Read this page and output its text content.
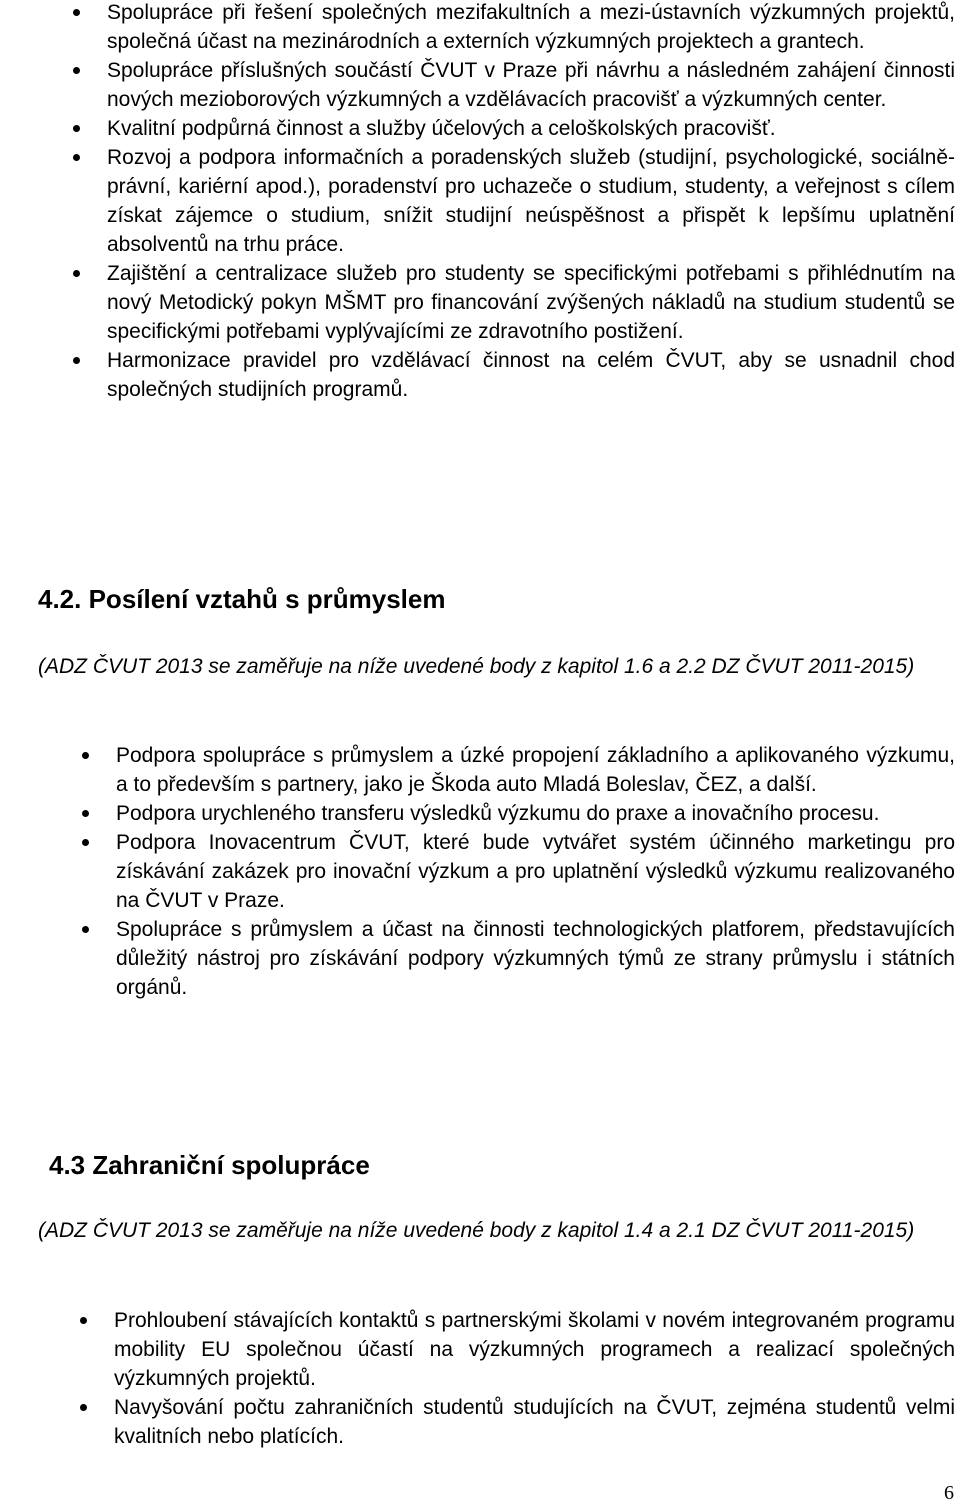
Spolupráce při řešení společných mezifakultních a mezi-ústavních výzkumných projektů, společná účast na mezinárodních a externích výzkumných projektech a grantech.
Spolupráce příslušných součástí ČVUT v Praze při návrhu a následném zahájení činnosti nových mezioborových výzkumných a vzdělávacích pracovišť a výzkumných center.
Kvalitní podpůrná činnost a služby účelových a celoškolských pracovišť.
Rozvoj a podpora informačních a poradenských služeb (studijní, psychologické, sociálně-právní, kariérní apod.), poradenství pro uchazeče o studium, studenty, a veřejnost s cílem získat zájemce o studium, snížit studijní neúspěšnost a přispět k lepšímu uplatnění absolventů na trhu práce.
Zajištění a centralizace služeb pro studenty se specifickými potřebami s přihlédnutím na nový Metodický pokyn MŠMT pro financování zvýšených nákladů na studium studentů se specifickými potřebami vyplývajícími ze zdravotního postižení.
Harmonizace pravidel pro vzdělávací činnost na celém ČVUT, aby se usnadnil chod společných studijních programů.
4.2. Posílení vztahů s průmyslem
(ADZ ČVUT 2013 se zaměřuje na níže uvedené body z kapitol 1.6 a 2.2 DZ ČVUT 2011-2015)
Podpora spolupráce s průmyslem a úzké propojení základního a aplikovaného výzkumu, a to především s partnery, jako je Škoda auto Mladá Boleslav, ČEZ, a další.
Podpora urychleného transferu výsledků výzkumu do praxe a inovačního procesu.
Podpora Inovacentrum ČVUT, které bude vytvářet systém účinného marketingu pro získávání zakázek pro inovační výzkum a pro uplatnění výsledků výzkumu realizovaného na ČVUT v Praze.
Spolupráce s průmyslem a účast na činnosti technologických platforem, představujících důležitý nástroj pro získávání podpory výzkumných týmů ze strany průmyslu i státních orgánů.
4.3 Zahraniční spolupráce
(ADZ ČVUT 2013 se zaměřuje na níže uvedené body z kapitol 1.4 a 2.1 DZ ČVUT 2011-2015)
Prohloubení stávajících kontaktů s partnerskými školami v novém integrovaném programu mobility EU společnou účastí na výzkumných programech a realizací společných výzkumných projektů.
Navyšování počtu zahraničních studentů studujících na ČVUT, zejména studentů velmi kvalitních nebo platících.
6
